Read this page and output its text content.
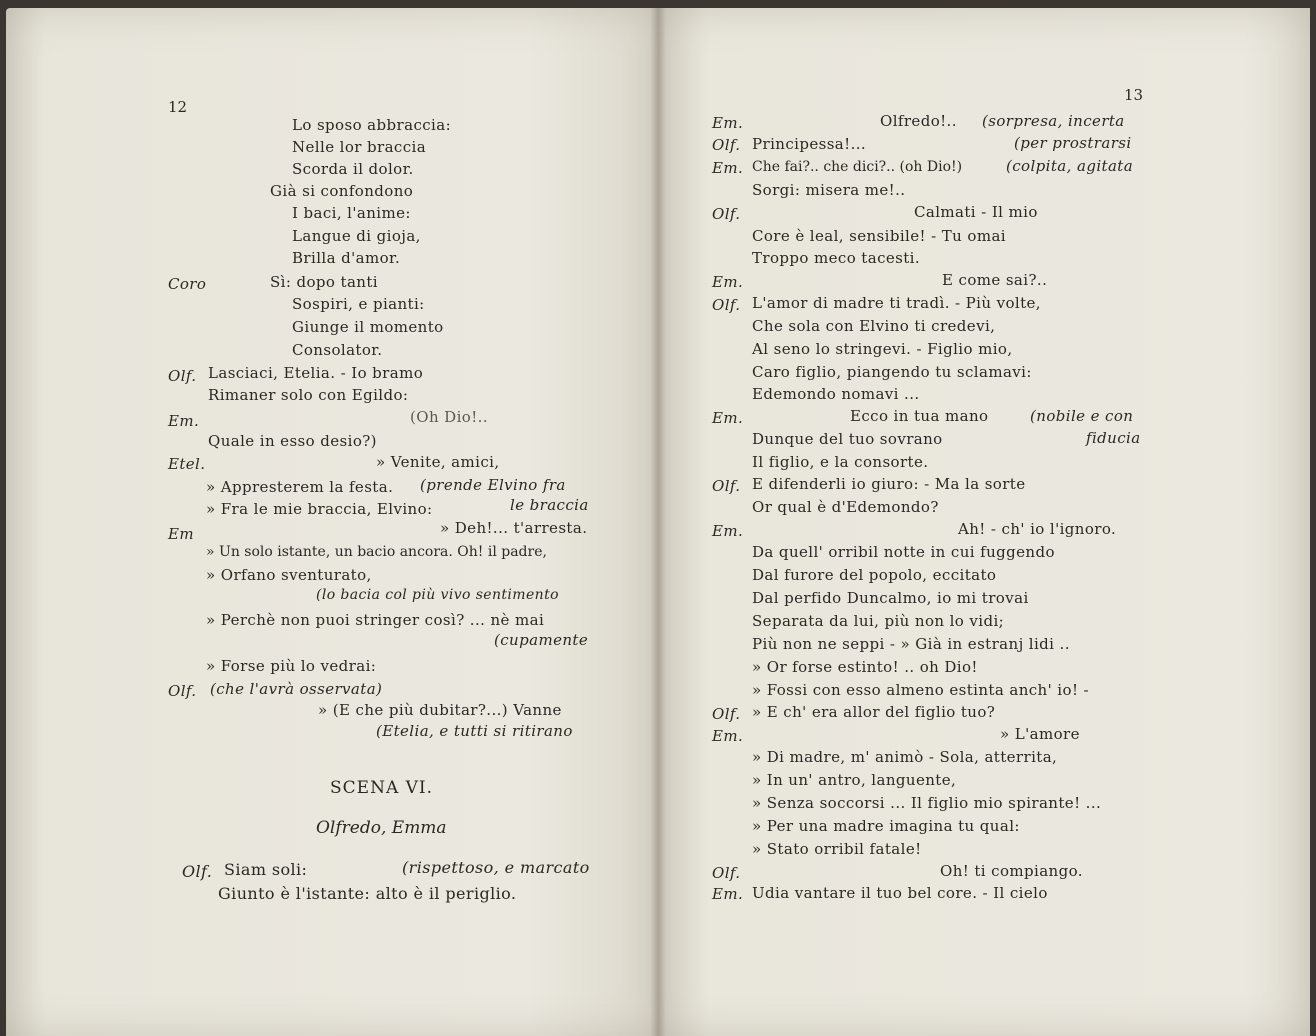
12
Lo sposo abbraccia:
Nelle lor braccia
Scorda il dolor.
Già si confondono
I baci, l'anime:
Langue di gioja,
Brilla d'amor.
Coro	Sì: dopo tanti
Sospiri, e pianti:
Giunge il momento
Consolator.
Olf. Lasciaci, Etelia. - Io bramo
Rimaner solo con Egildo:
Em.	(Oh Dio!..
Quale in esso desio?)
Etel.	» Venite, amici,
» Appresterem la festa. (prende Elvino fra
» Fra le mie braccia, Elvino:	le braccia
Em	» Deh!... t'arresta.
» Un solo istante, un bacio ancora. Oh! il padre,
» Orfano sventurato,
(lo bacia col più vivo sentimento
» Perchè non puoi stringer così? ... nè mai
(cupamente
» Forse più lo vedrai:
Olf. (che l'avrà osservata)
» (E che più dubitar?...) Vanne
(Etelia, e tutti si ritirano
SCENA VI.
Olfredo, Emma
Olf. Siam soli:	(rispettoso, e marcato
Giunto è l'istante: alto è il periglio.
13
Em.	Olfredo!.. (sorpresa, incerta
Olf. Principessa!...	(per prostrarsi
Em. Che fai?.. che dici?.. (oh Dio!)	(colpita, agitata
Sorgi: misera me!..
Olf.	Calmati - Il mio
Core è leal, sensibile! - Tu omai
Troppo meco tacesti.
Em.	E come sai?..
Olf. L'amor di madre ti tradì. - Più volte,
Che sola con Elvino ti credevi,
Al seno lo stringevi. - Figlio mio,
Caro figlio, piangendo tu sclamavi:
Edemondo nomavi ...
Em.	Ecco in tua mano	(nobile e con
Dunque del tuo sovrano	fiducia
Il figlio, e la consorte.
Olf. E difenderli io giuro: - Ma la sorte
Or qual è d'Edemondo?
Em.	Ah! - ch' io l'ignoro.
Da quell' orribil notte in cui fuggendo
Dal furore del popolo, eccitato
Dal perfido Duncalmo, io mi trovai
Separata da lui, più non lo vidi;
Più non ne seppi - » Già in estranj lidi ..
» Or forse estinto! .. oh Dio!
» Fossi con esso almeno estinta anch' io! -
Olf. » E ch' era allor del figlio tuo?
Em.	» L'amore
» Di madre, m' animò - Sola, atterrita,
» In un' antro, languente,
» Senza soccorsi ... Il figlio mio spirante! ...
» Per una madre imagina tu qual:
» Stato orribil fatale!
Olf.	Oh! ti compiango.
Em. Udia vantare il tuo bel core. - Il cielo
